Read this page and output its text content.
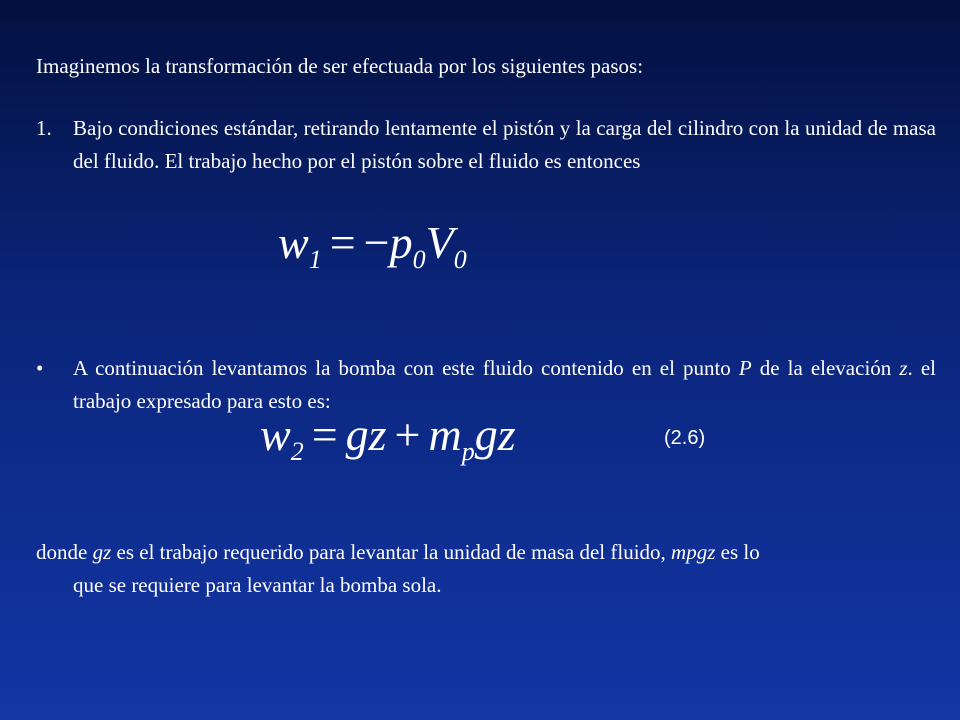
Imaginemos la transformación de ser efectuada por los siguientes pasos:
1. Bajo condiciones estándar, retirando lentamente el pistón y la carga del cilindro con la unidad de masa del fluido. El trabajo hecho por el pistón sobre el fluido es entonces
$w_1 = -p_0V_0$
• A continuación levantamos la bomba con este fluido contenido en el punto P de la elevación z. el trabajo expresado para esto es:
$w_2$ = gz + $m_pgz$	(2.6)
donde gz es el trabajo requerido para levantar la unidad de masa del fluido, mpgz es lo
que se requiere para levantar la bomba sola.
